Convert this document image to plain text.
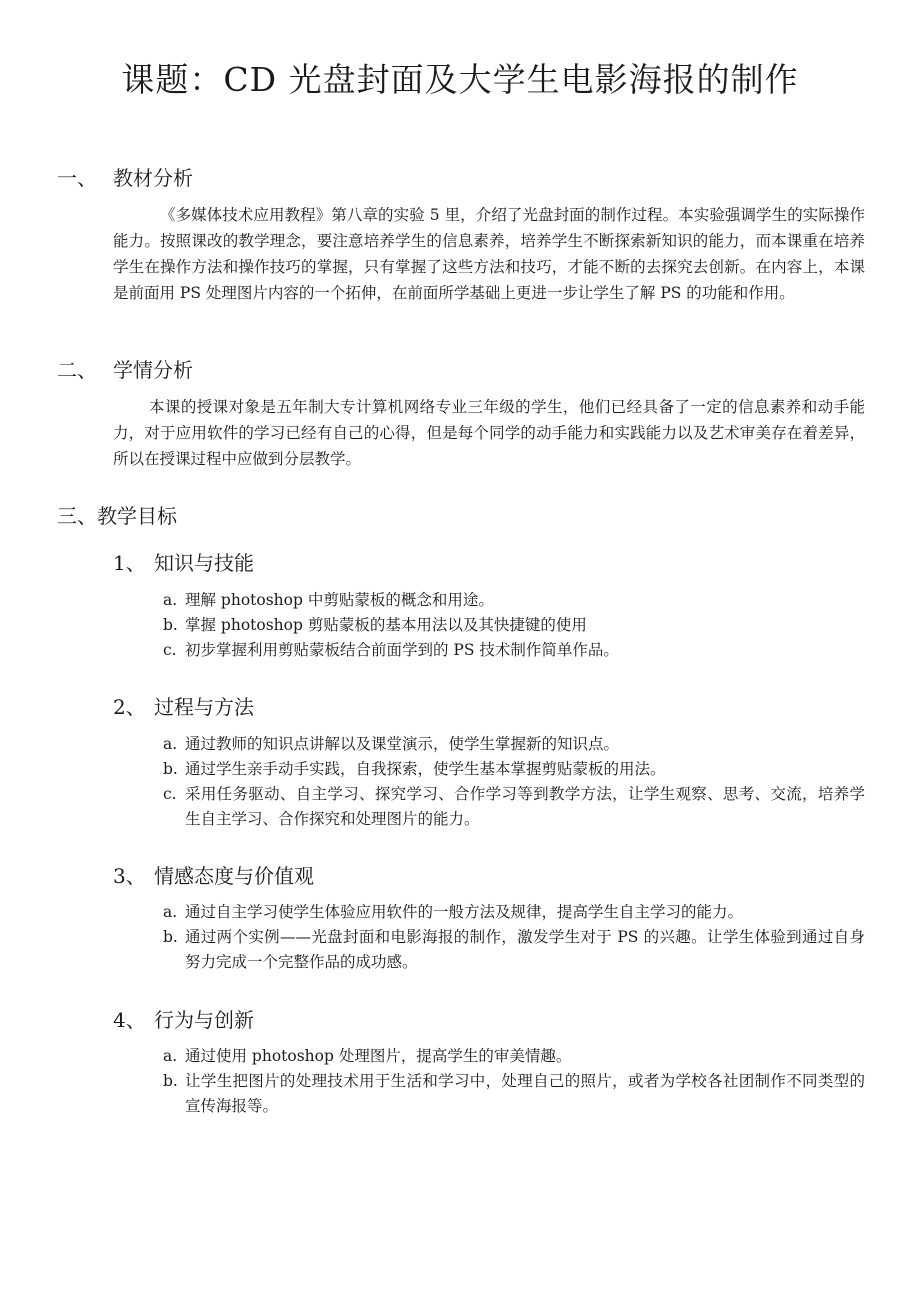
课题：CD 光盘封面及大学生电影海报的制作
一、 教材分析
《多媒体技术应用教程》第八章的实验 5 里，介绍了光盘封面的制作过程。本实验强调学生的实际操作能力。按照课改的教学理念，要注意培养学生的信息素养，培养学生不断探索新知识的能力，而本课重在培养学生在操作方法和操作技巧的掌握，只有掌握了这些方法和技巧，才能不断的去探究去创新。在内容上，本课是前面用 PS 处理图片内容的一个拓伸，在前面所学基础上更进一步让学生了解 PS 的功能和作用。
二、 学情分析
本课的授课对象是五年制大专计算机网络专业三年级的学生，他们已经具备了一定的信息素养和动手能力，对于应用软件的学习已经有自己的心得，但是每个同学的动手能力和实践能力以及艺术审美存在着差异，所以在授课过程中应做到分层教学。
三、教学目标
1、 知识与技能
a. 理解 photoshop 中剪贴蒙板的概念和用途。
b. 掌握 photoshop 剪贴蒙板的基本用法以及其快捷键的使用
c. 初步掌握利用剪贴蒙板结合前面学到的 PS 技术制作简单作品。
2、 过程与方法
a. 通过教师的知识点讲解以及课堂演示，使学生掌握新的知识点。
b. 通过学生亲手动手实践，自我探索，使学生基本掌握剪贴蒙板的用法。
c. 采用任务驱动、自主学习、探究学习、合作学习等到教学方法，让学生观察、思考、交流，培养学生自主学习、合作探究和处理图片的能力。
3、 情感态度与价值观
a. 通过自主学习使学生体验应用软件的一般方法及规律，提高学生自主学习的能力。
b. 通过两个实例——光盘封面和电影海报的制作，激发学生对于 PS 的兴趣。让学生体验到通过自身努力完成一个完整作品的成功感。
4、 行为与创新
a. 通过使用 photoshop 处理图片，提高学生的审美情趣。
b. 让学生把图片的处理技术用于生活和学习中，处理自己的照片，或者为学校各社团制作不同类型的宣传海报等。
